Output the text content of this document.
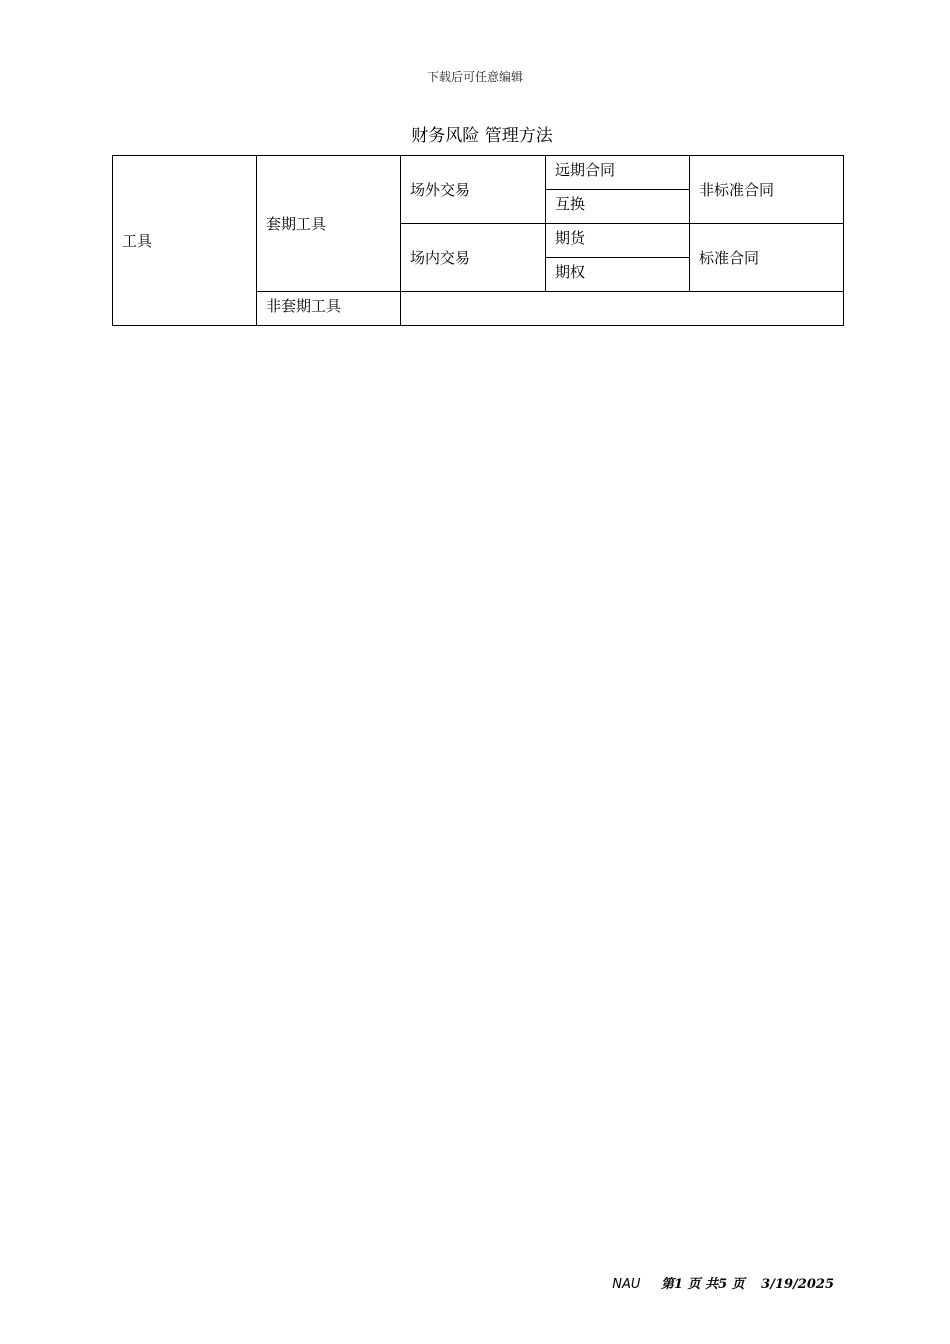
下载后可任意编辑
财务风险 管理方法
工具	套期工具	场外交易	远期合同	非标准合同
			互换	
		场内交易	期货	标准合同
			期权	
	非套期工具			
NAU 第1 页 共5 页 3/19/2025
